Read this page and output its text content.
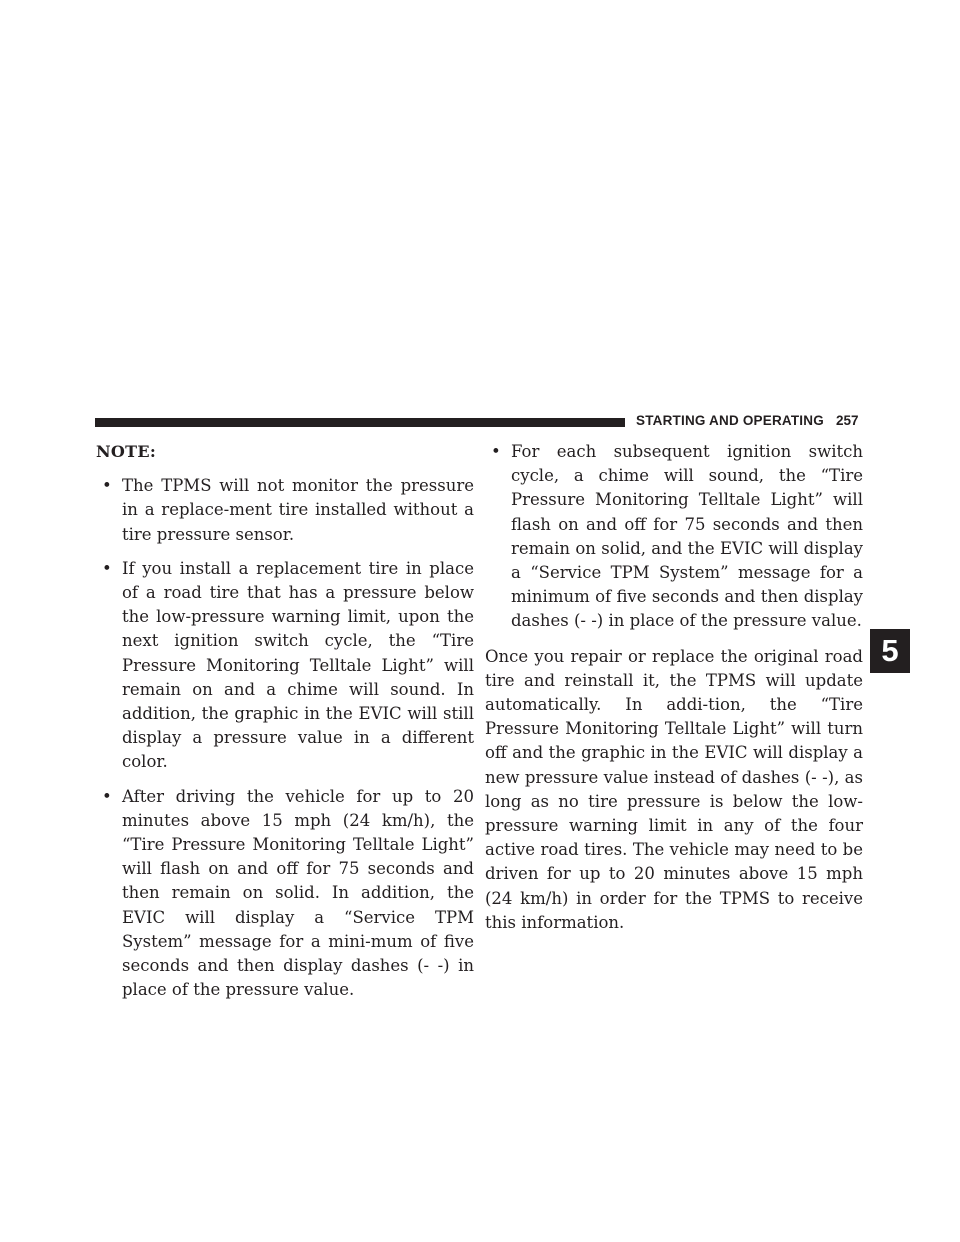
STARTING AND OPERATING 257
5
NOTE:
• The TPMS will not monitor the pressure in a replace-ment tire installed without a tire pressure sensor.
• If you install a replacement tire in place of a road tire that has a pressure below the low-pressure warning limit, upon the next ignition switch cycle, the “Tire Pressure Monitoring Telltale Light” will remain on and a chime will sound. In addition, the graphic in the EVIC will still display a pressure value in a different color.
• After driving the vehicle for up to 20 minutes above 15 mph (24 km/h), the “Tire Pressure Monitoring Telltale Light” will flash on and off for 75 seconds and then remain on solid. In addition, the EVIC will display a “Service TPM System” message for a mini-mum of five seconds and then display dashes (- -) in place of the pressure value.
• For each subsequent ignition switch cycle, a chime will sound, the “Tire Pressure Monitoring Telltale Light” will flash on and off for 75 seconds and then remain on solid, and the EVIC will display a “Service TPM System” message for a minimum of five seconds and then display dashes (- -) in place of the pressure value.

Once you repair or replace the original road tire and reinstall it, the TPMS will update automatically. In addi-tion, the “Tire Pressure Monitoring Telltale Light” will turn off and the graphic in the EVIC will display a new pressure value instead of dashes (- -), as long as no tire pressure is below the low-pressure warning limit in any of the four active road tires. The vehicle may need to be driven for up to 20 minutes above 15 mph (24 km/h) in order for the TPMS to receive this information.
